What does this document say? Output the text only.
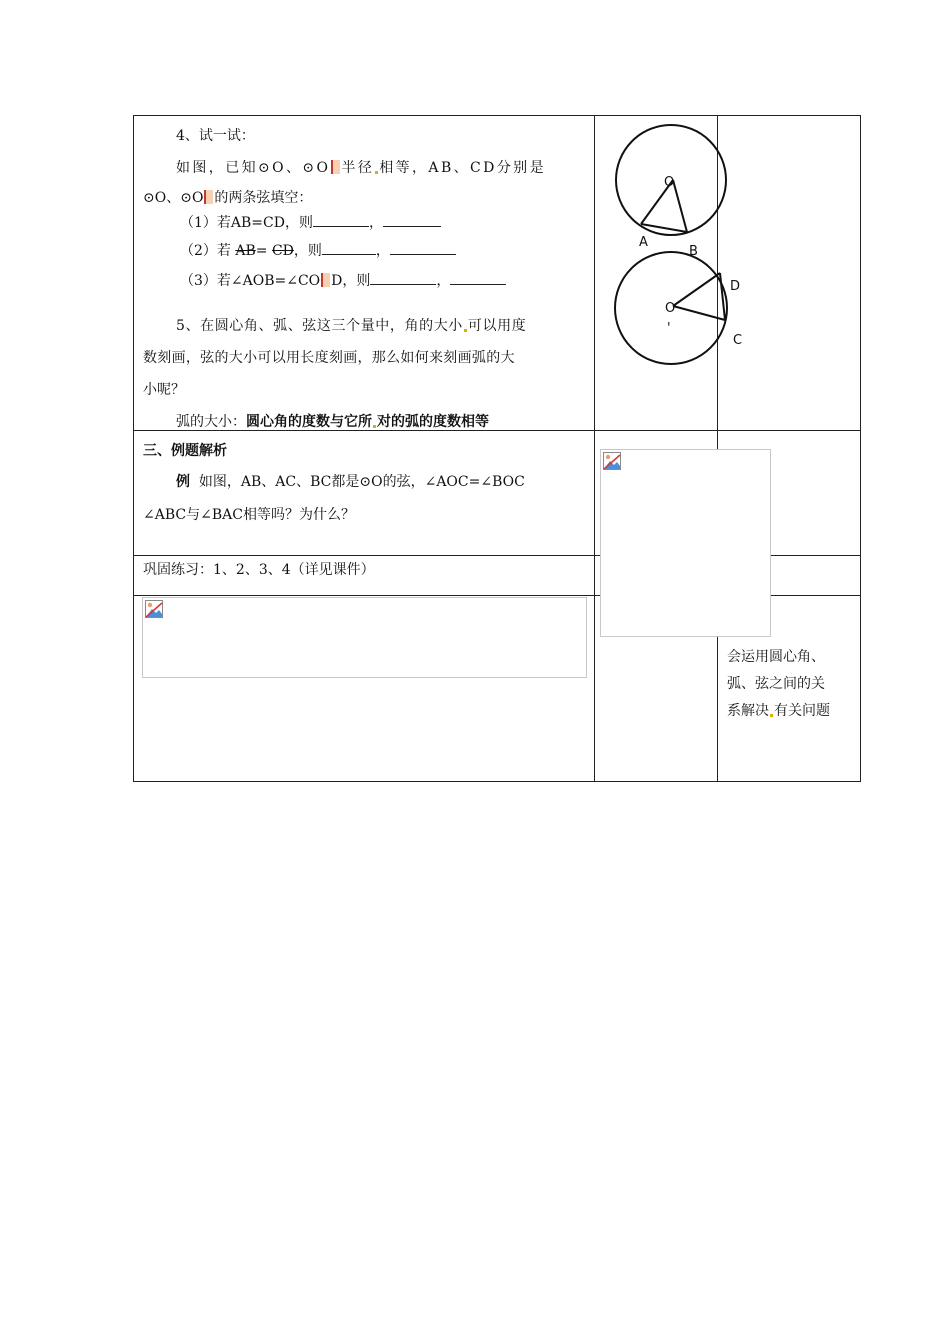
4、试一试：
如图，已知⊙O、⊙O 半径 相等，AB、CD分别是
⊙O、⊙O 的两条弦填空：
（1）若AB=CD，则	，
（2）若 AB= CD，则	，
（3）若∠AOB=∠CO D，则	，
5、在圆心角、弧、弦这三个量中，角的大小 可以用度
数刻画，弦的大小可以用长度刻画，那么如何来刻画弧的大
小呢？
弧的大小：圆心角的度数与它所 对的弧的度数相等
O
A
B
O
'
D
C
三、例题解析
例 如图，AB、AC、BC都是⊙O的弦，∠AOC=∠BOC
∠ABC与∠BAC相等吗？为什么？
巩固练习：1、2、3、4（详见课件）
会运用圆心角、
弧、弦之间的关
系解决 有关问题
